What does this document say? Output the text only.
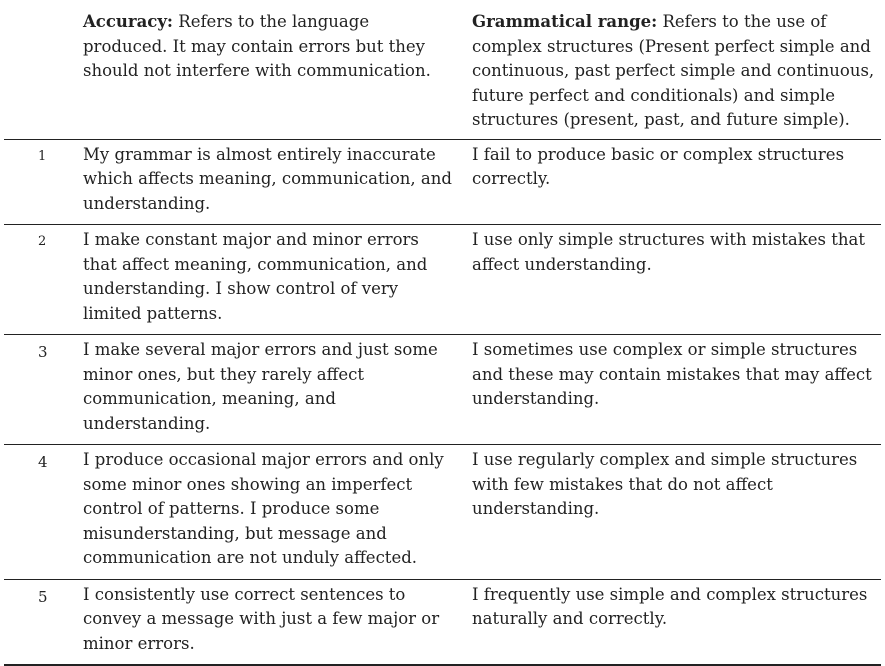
	Accuracy: Refers to the language produced. It may contain errors but they should not interfere with communication.	Grammatical range: Refers to the use of complex structures (Present perfect simple and continuous, past perfect simple and continuous, future perfect and conditionals) and simple structures (present, past, and future simple).
1	My grammar is almost entirely inaccurate which affects meaning, communication, and understanding.	I fail to produce basic or complex structures correctly.
2	I make constant major and minor errors that affect meaning, communication, and understanding. I show control of very limited patterns.	I use only simple structures with mistakes that affect understanding.
3	I make several major errors and just some minor ones, but they rarely affect communication, meaning, and understanding.	I sometimes use complex or simple structures and these may contain mistakes that may affect understanding.
4	I produce occasional major errors and only some minor ones showing an imperfect control of patterns. I produce some misunderstanding, but message and communication are not unduly affected.	I use regularly complex and simple structures with few mistakes that do not affect understanding.
5	I consistently use correct sentences to convey a message with just a few major or minor errors.	I frequently use simple and complex structures naturally and correctly.
